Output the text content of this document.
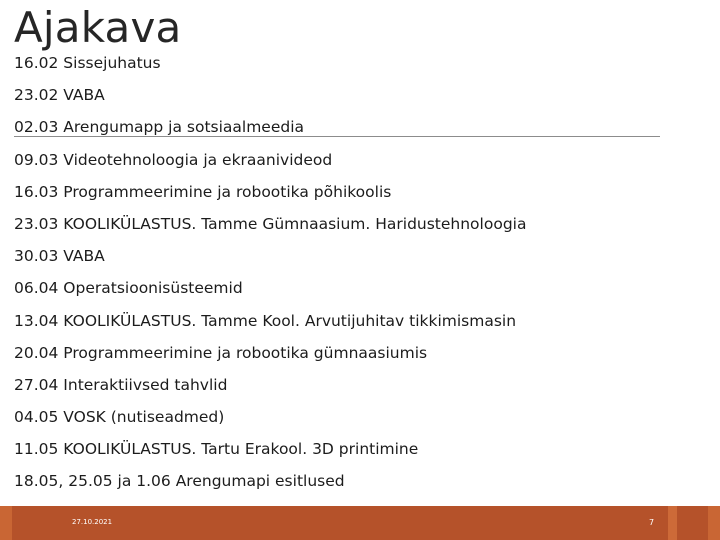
Ajakava
16.02 Sissejuhatus
23.02 VABA
02.03 Arengumapp ja sotsiaalmeedia
09.03 Videotehnoloogia ja ekraanivideod
16.03 Programmeerimine ja robootika põhikoolis
23.03 KOOLIKÜLASTUS. Tamme Gümnaasium. Haridustehnoloogia
30.03 VABA
06.04 Operatsioonisüsteemid
13.04 KOOLIKÜLASTUS. Tamme Kool. Arvutijuhitav tikkimismasin
20.04 Programmeerimine ja robootika gümnaasiumis
27.04 Interaktiivsed tahvlid
04.05 VOSK (nutiseadmed)
11.05 KOOLIKÜLASTUS. Tartu Erakool. 3D printimine
18.05, 25.05 ja 1.06 Arengumapi esitlused
27.10.2021	7
